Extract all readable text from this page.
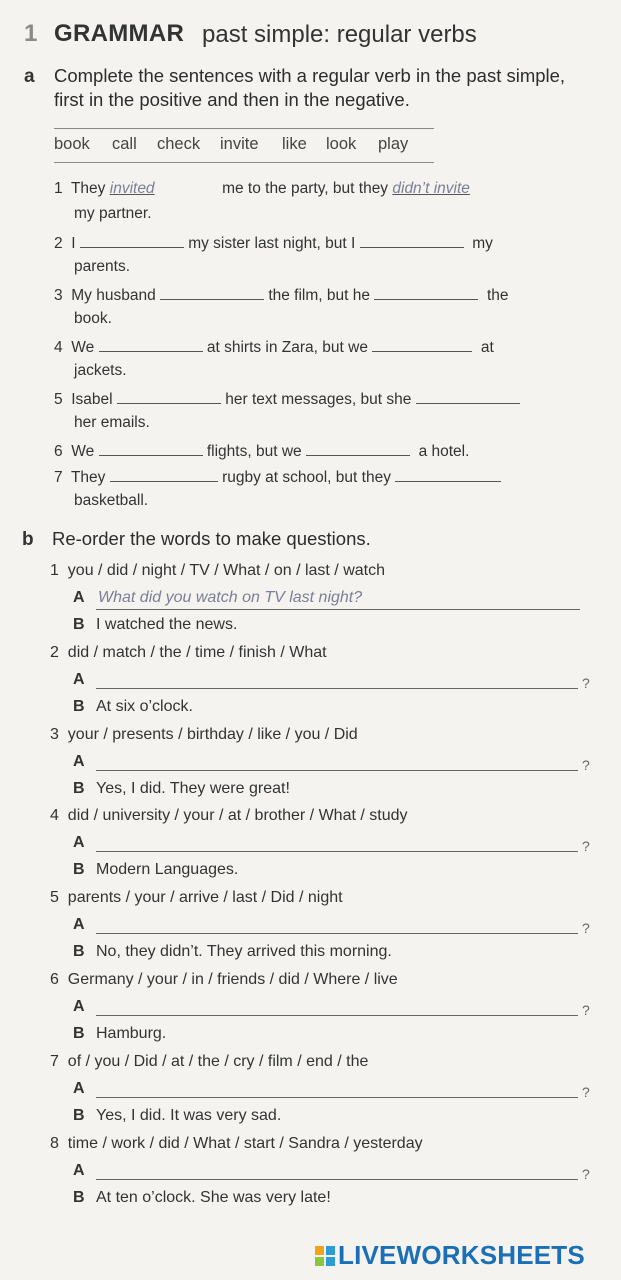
1 GRAMMAR past simple: regular verbs
a Complete the sentences with a regular verb in the past simple, first in the positive and then in the negative.
book call check invite like look play
1 They invited	me to the party, but they didn’t invite
my partner.
2 I	my sister last night, but I	my
parents.
3 My husband	the film, but he	the
book.
4 We	at shirts in Zara, but we	at
jackets.
5 Isabel	her text messages, but she
her emails.
6 We	flights, but we	a hotel.
7 They	rugby at school, but they
basketball.
b Re-order the words to make questions.
1 you / did / night / TV / What / on / last / watch
A What did you watch on TV last night?
B I watched the news.
2 did / match / the / time / finish / What
A	?
B At six o’clock.
3 your / presents / birthday / like / you / Did
A	?
B Yes, I did. They were great!
4 did / university / your / at / brother / What / study
A	?
B Modern Languages.
5 parents / your / arrive / last / Did / night
A	?
B No, they didn’t. They arrived this morning.
6 Germany / your / in / friends / did / Where / live
A	?
B Hamburg.
7 of / you / Did / at / the / cry / film / end / the
A	?
B Yes, I did. It was very sad.
8 time / work / did / What / start / Sandra / yesterday
A	?
B At ten o’clock. She was very late!
LIVEWORKSHEETS
